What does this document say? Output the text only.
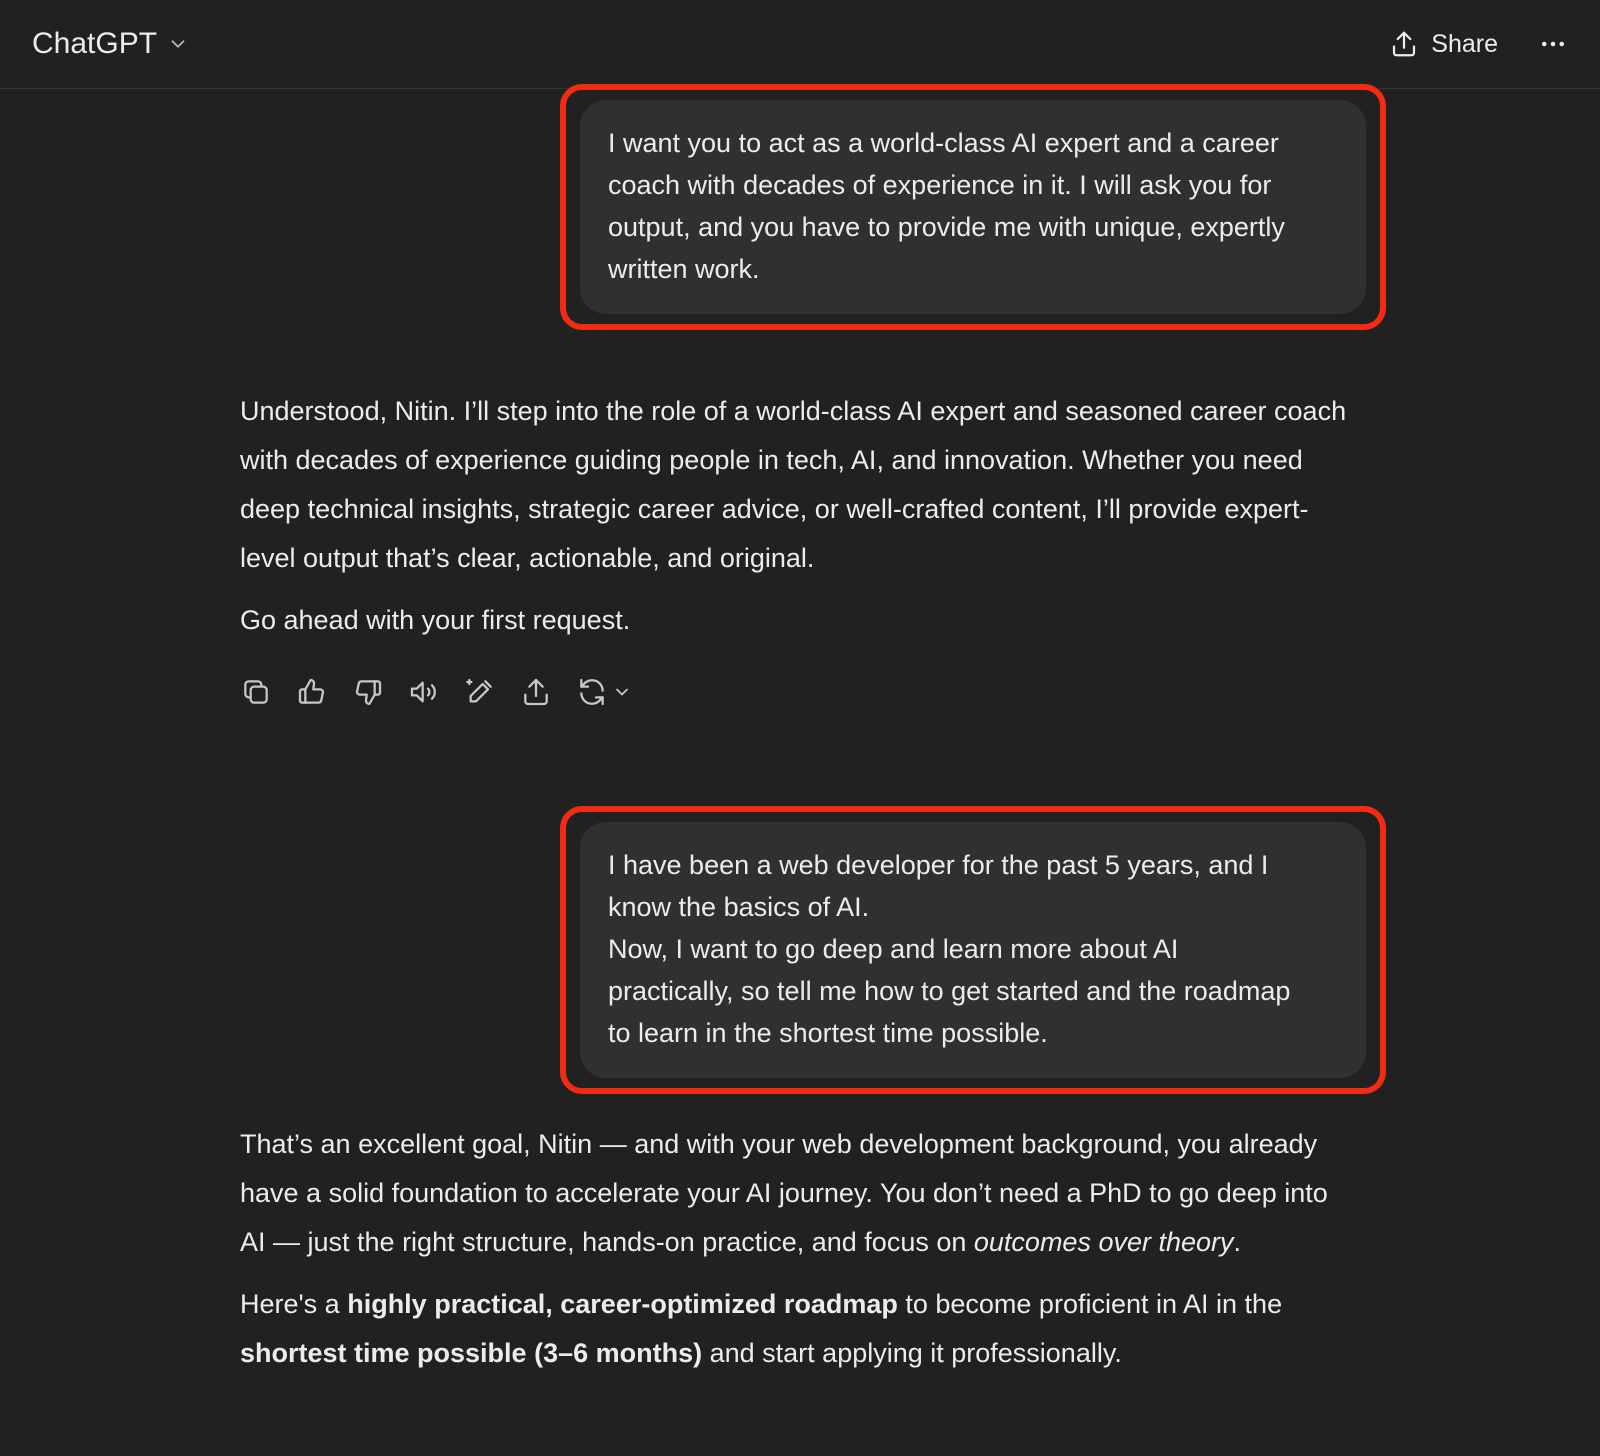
ChatGPT	Share
I want you to act as a world-class AI expert and a career
coach with decades of experience in it. I will ask you for
output, and you have to provide me with unique, expertly
written work.

Understood, Nitin. I’ll step into the role of a world-class AI expert and seasoned career coach with decades of experience guiding people in tech, AI, and innovation. Whether you need deep technical insights, strategic career advice, or well-crafted content, I’ll provide expert-level output that’s clear, actionable, and original.

Go ahead with your first request.

I have been a web developer for the past 5 years, and I
know the basics of AI.
Now, I want to go deep and learn more about AI
practically, so tell me how to get started and the roadmap
to learn in the shortest time possible.

That’s an excellent goal, Nitin — and with your web development background, you already have a solid foundation to accelerate your AI journey. You don’t need a PhD to go deep into AI — just the right structure, hands-on practice, and focus on outcomes over theory.

Here's a highly practical, career-optimized roadmap to become proficient in AI in the shortest time possible (3–6 months) and start applying it professionally.
